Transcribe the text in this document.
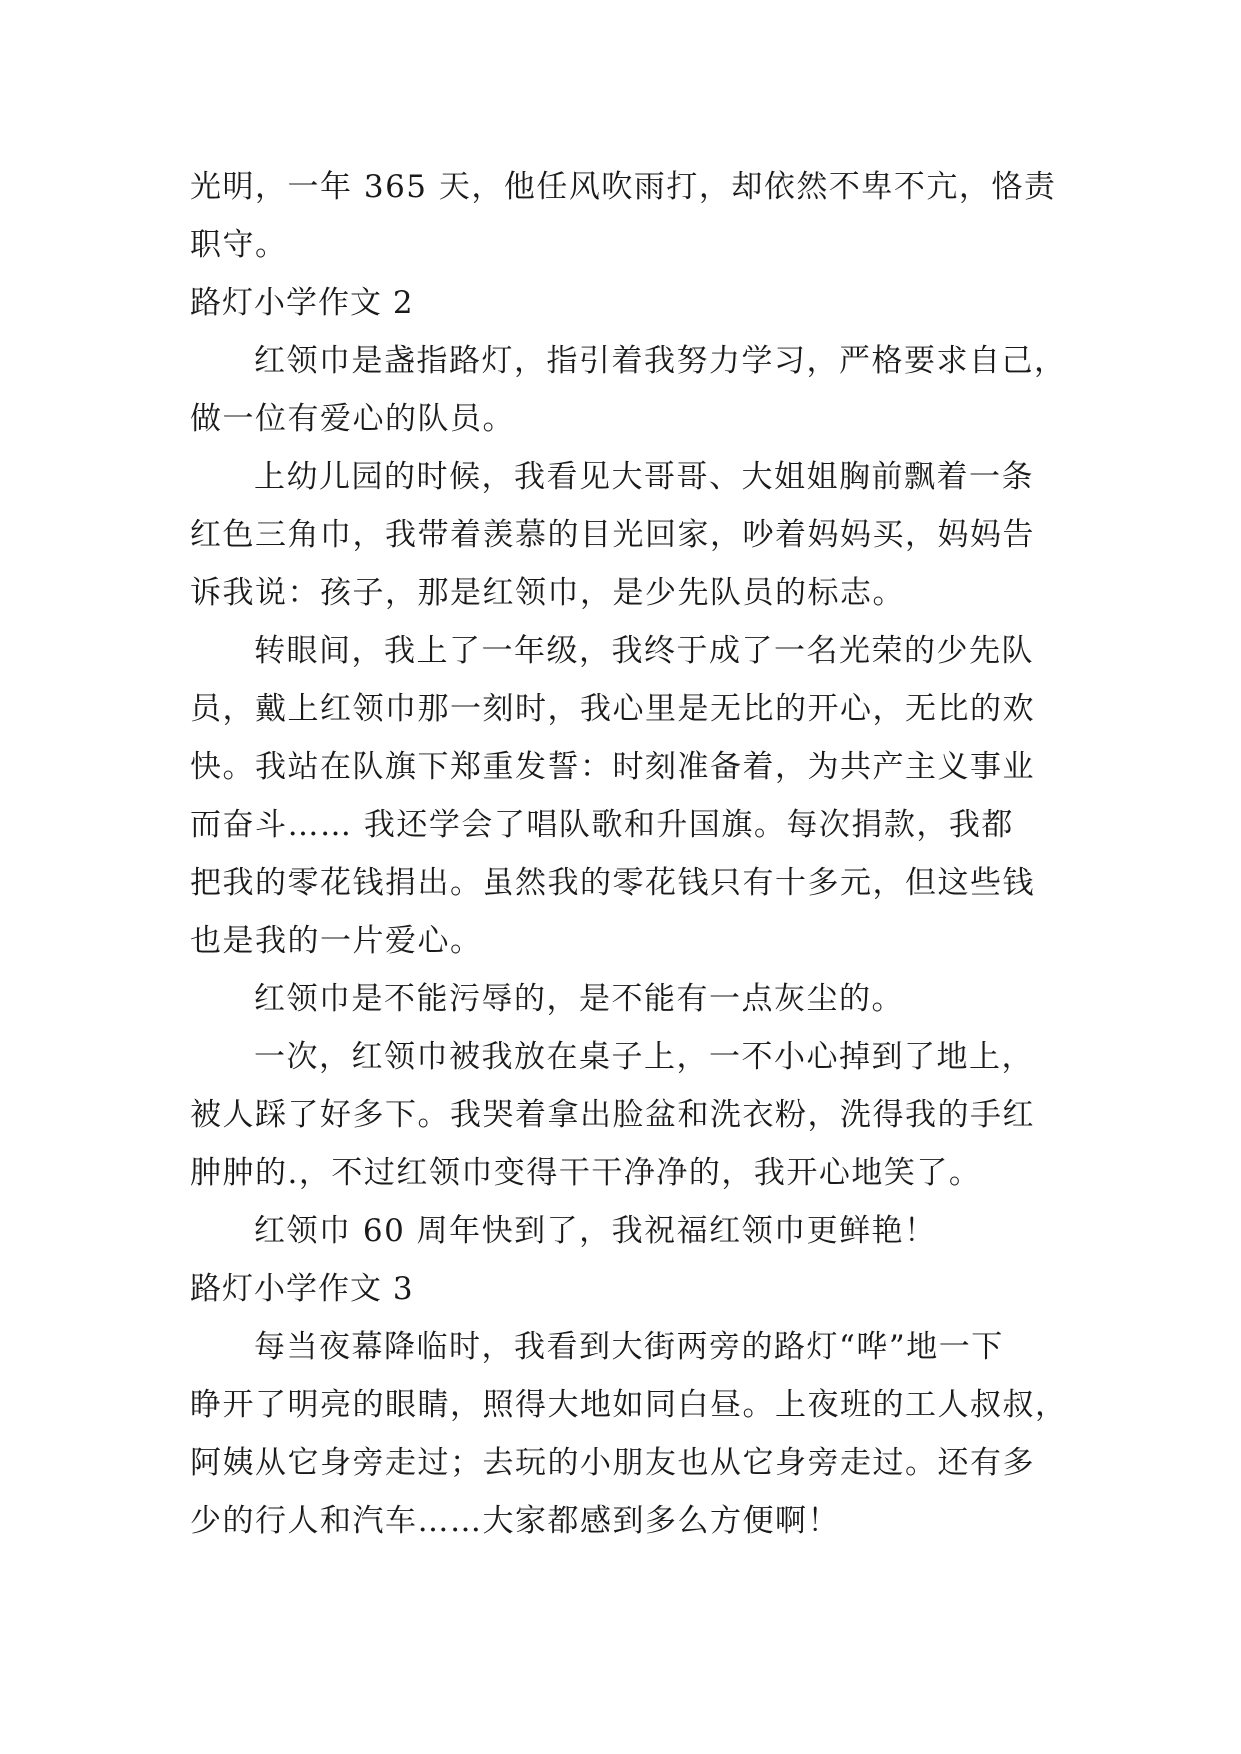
光明，一年 365 天，他任风吹雨打，却依然不卑不亢，恪责
职守。
路灯小学作文 2
红领巾是盏指路灯，指引着我努力学习，严格要求自己，
做一位有爱心的队员。
上幼儿园的时候，我看见大哥哥、大姐姐胸前飘着一条
红色三角巾，我带着羡慕的目光回家，吵着妈妈买，妈妈告
诉我说：孩子，那是红领巾，是少先队员的标志。
转眼间，我上了一年级，我终于成了一名光荣的少先队
员，戴上红领巾那一刻时，我心里是无比的开心，无比的欢
快。我站在队旗下郑重发誓：时刻准备着，为共产主义事业
而奋斗…… 我还学会了唱队歌和升国旗。每次捐款，我都
把我的零花钱捐出。虽然我的零花钱只有十多元，但这些钱
也是我的一片爱心。
红领巾是不能污辱的，是不能有一点灰尘的。
一次，红领巾被我放在桌子上，一不小心掉到了地上，
被人踩了好多下。我哭着拿出脸盆和洗衣粉，洗得我的手红
肿肿的.，不过红领巾变得干干净净的，我开心地笑了。
红领巾 60 周年快到了，我祝福红领巾更鲜艳！
路灯小学作文 3
每当夜幕降临时，我看到大街两旁的路灯“哗”地一下
睁开了明亮的眼睛，照得大地如同白昼。上夜班的工人叔叔，
阿姨从它身旁走过；去玩的小朋友也从它身旁走过。还有多
少的行人和汽车……大家都感到多么方便啊！
